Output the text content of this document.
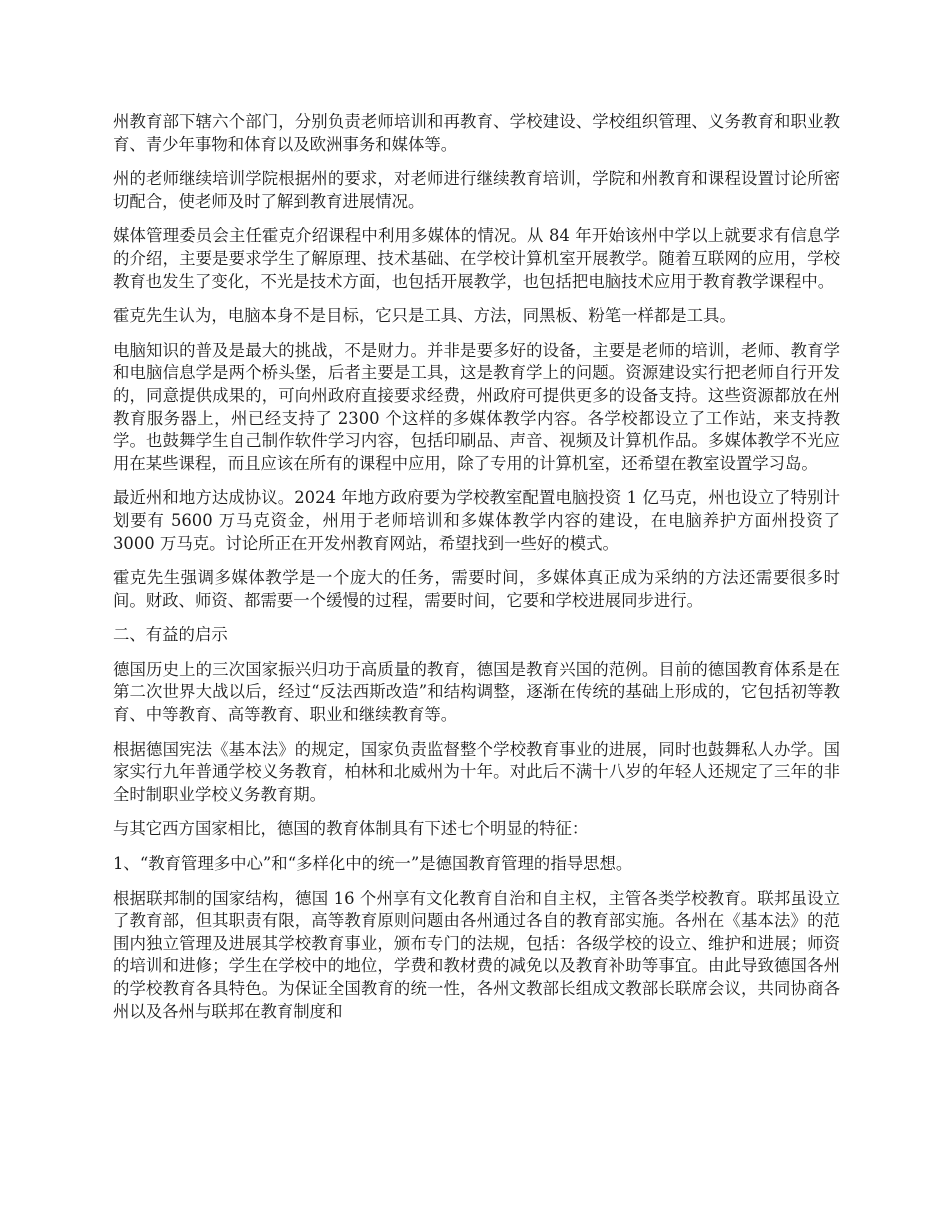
州教育部下辖六个部门，分别负责老师培训和再教育、学校建设、学校组织管理、义务教育和职业教育、青少年事物和体育以及欧洲事务和媒体等。

州的老师继续培训学院根据州的要求，对老师进行继续教育培训，学院和州教育和课程设置讨论所密切配合，使老师及时了解到教育进展情况。

媒体管理委员会主任霍克介绍课程中利用多媒体的情况。从 84 年开始该州中学以上就要求有信息学的介绍，主要是要求学生了解原理、技术基础、在学校计算机室开展教学。随着互联网的应用，学校教育也发生了变化，不光是技术方面，也包括开展教学，也包括把电脑技术应用于教育教学课程中。

霍克先生认为，电脑本身不是目标，它只是工具、方法，同黑板、粉笔一样都是工具。

电脑知识的普及是最大的挑战，不是财力。并非是要多好的设备，主要是老师的培训，老师、教育学和电脑信息学是两个桥头堡，后者主要是工具，这是教育学上的问题。资源建设实行把老师自行开发的，同意提供成果的，可向州政府直接要求经费，州政府可提供更多的设备支持。这些资源都放在州教育服务器上，州已经支持了 2300 个这样的多媒体教学内容。各学校都设立了工作站，来支持教学。也鼓舞学生自己制作软件学习内容，包括印刷品、声音、视频及计算机作品。多媒体教学不光应用在某些课程，而且应该在所有的课程中应用，除了专用的计算机室，还希望在教室设置学习岛。

最近州和地方达成协议。2024 年地方政府要为学校教室配置电脑投资 1 亿马克，州也设立了特别计划要有 5600 万马克资金，州用于老师培训和多媒体教学内容的建设，在电脑养护方面州投资了 3000 万马克。讨论所正在开发州教育网站，希望找到一些好的模式。

霍克先生强调多媒体教学是一个庞大的任务，需要时间，多媒体真正成为采纳的方法还需要很多时间。财政、师资、都需要一个缓慢的过程，需要时间，它要和学校进展同步进行。

二、有益的启示

德国历史上的三次国家振兴归功于高质量的教育，德国是教育兴国的范例。目前的德国教育体系是在第二次世界大战以后，经过“反法西斯改造”和结构调整，逐渐在传统的基础上形成的，它包括初等教育、中等教育、高等教育、职业和继续教育等。

根据德国宪法《基本法》的规定，国家负责监督整个学校教育事业的进展，同时也鼓舞私人办学。国家实行九年普通学校义务教育，柏林和北威州为十年。对此后不满十八岁的年轻人还规定了三年的非全时制职业学校义务教育期。

与其它西方国家相比，德国的教育体制具有下述七个明显的特征：

1、“教育管理多中心”和“多样化中的统一”是德国教育管理的指导思想。

根据联邦制的国家结构，德国 16 个州享有文化教育自治和自主权，主管各类学校教育。联邦虽设立了教育部，但其职责有限，高等教育原则问题由各州通过各自的教育部实施。各州在《基本法》的范围内独立管理及进展其学校教育事业，颁布专门的法规，包括：各级学校的设立、维护和进展；师资的培训和进修；学生在学校中的地位，学费和教材费的减免以及教育补助等事宜。由此导致德国各州的学校教育各具特色。为保证全国教育的统一性，各州文教部长组成文教部长联席会议，共同协商各州以及各州与联邦在教育制度和
